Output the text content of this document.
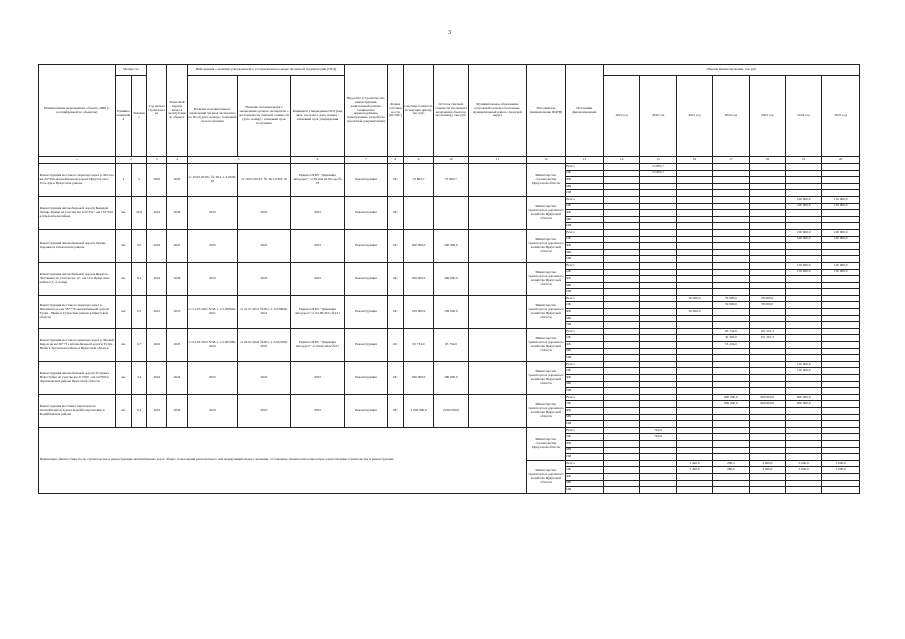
3
Наименование мероприятия, объекта, ПИР (с расшифровкой по объектам)	Мощность		Год начала строительства	Плановый период ввода в эксплуатацию объекта	Информация о наличии утвержденной в установленном порядке проектной документации (ПСД)			Вид работ (строительство, реконструкция, капитальный ремонт, техническое перевооружение, приобретение, разработка проектной документации)	Форма собственности (ОС/МС)	Сметная стоимость (в текущих ценах), тыс.руб.	Остаток сметной стоимости (на момент включения объекта в программу), тыс.руб.	Муниципальное образование (городской/сельское поселение, муниципальный район, городской округ)	Исполнитель (наименование ИОГВ)	Источники финансирования	Объемы финансирования, тыс.руб.						
	Единица измерения	Значение			Наличие положительного заключения органов экспертизы по ПСД (дата, номер) / плановый срок получения	Наличие положительного заключения органов экспертизы о достоверности сметной стоимости (дата, номер) / плановый срок получения	Реквизиты утверждения ПСД (вид акта, кто издал, дата, номер) / плановый срок утверждения								2019 год	2020 год	2021 год	2022 год	2023 год	2024 год	2025 год
1	2		3	4	5		6	7	8	9	10	11	12	13	14	15	16	17	18	19	20
Реконструкция мостового перехода через р. Мал на км 24+300 автомобильной дороги Иркутск-Оса-Усть-Уда в Иркутском районе	х	х	2020	2020	от 10.05.2018 г. № 38-1-1-3-0038-18	от 10.05.2018 г. № 38-1-0303-18	Приказ ОГКУ "Дирекция автодорог" от 30 мая 2018 года № 78	Реконструкция	ОС	53 803,7	53 803,7		Министерство строительства Иркутской области	Всего		55 803,7					
														ОБ		55 803,7					
														ФБ							
														МБ							
														ИИ							
Реконструкция автомобильной дороги Баяндай-Хужир-Хужир на участке км 124+332 - км 153+932 в Ольхонском районе	км	29,6	2024	2026	2023	2023	2023	Реконструкция	ОС				Министерство транспорта и дорожного хозяйства Иркутской области	Всего						100 000,0	150 000,0
														ОБ						100 000,0	150 000,0
														ФБ							
														МБ							
														ИИ							
Реконструкция автомобильной дороги Хужир - Харанцы в Ольхонском районе	км	5,0	2024	2025	2023	2023	2023	Реконструкция	ОС	200 000,0	200 000,0		Министерство транспорта и дорожного хозяйства Иркутской области	Всего						100 000,0	100 000,0
														ОБ						100 000,0	100 000,0
														ФБ							
														МБ							
														ИИ							
Реконструкция автомобильной дороги Иркутск - Листвянка на участке км 12 - км 19 в Иркутском районе (3, 4 этапы)	км	8,2	2024	2026	2023	2023	2023	Реконструкция	ОС	300 000,0	300 000,0		Министерство транспорта и дорожного хозяйства Иркутской области	Всего						150 000,0	150 000,0
														ОБ						150 000,0	150 000,0
														ФБ							
														МБ							
														ИИ							
Реконструкция мостового перехода через р. Ингашетка на км 58+776 автомобильной дороги Тулун - Нюйа в Тулунском районе в Иркутской области	км	0,5	2021	2023	от 21.07.2021 №38-1-1-3-039649-2021	от 21.07.2021 №38-1-1-3-039649-2021	Приказ ОГКУ "Дирекция автодорог" от 02.08.2021 №121	Реконструкция	ОС	109 000,0	109 000,0		Министерство транспорта и дорожного хозяйства Иркутской области	Всего			50 000,0	59 000,0	58 000,0		
														ОБ				59 000,0	58 000,0		
														ФБ			50 000,0				
														МБ							
														ИИ							
Реконструкция мостового перехода через р. Малый Кирон на км 30+731 автомобильной дороги Тулун - Нюйа в Тулунском районе в Иркутской области	км	0,7	2022	2023	от 02.02.2022 №38-1-1-3-005389-2022	от 02.02.2022 №38-1-1-3-005389-2022	Приказ ОГКУ "Дирекция автодорог" от 04.02.2022 №17	Реконструкция	ОС	95 734,0	95 734,0		Министерство транспорта и дорожного хозяйства Иркутской области	Всего				95 734,0	101 501,5		
														ОБ				42 300,0	101 501,5		
														ФБ				53 434,0			
														МБ							
														ИИ							
Реконструкция автомобильной дороги Голуметь - Новострбна на участке км 21+000 - км 24+000 в Черемховском районе Иркутской области	км	3,2	2024	2024	2023	2023	2023	Реконструкция	ОС	280 000,0	280 000,0		Министерство транспорта и дорожного хозяйства Иркутской области	Всего						150 000,0	
														ОБ						150 000,0	
														ФБ							
														МБ							
														ИИ							
Реконструкция мостовых переходов на автомобильной дороге Бодайбо-Кропоткин в Бодайбинском районе	км	0,4	2023	2024	2023	2023	2023	Реконструкция	ОС	2 000 000,0	2 000 000,0		Министерство транспорта и дорожного хозяйства Иркутской области	Всего				600 000,0	600 000,0	800 000,0	
														ОБ				600 000,0	600 000,0	800 000,0	
														ФБ							
														МБ							
														ИИ							
Примечание Диагностика после строительства и реконструкции автомобильных дорог общего пользования регионального или межмуниципального значения, составление технических планов при осуществлении строительства и реконструкции													Министерство строительства Иркутской области	Всего		762,6					
														ОБ		762,6					
														ФБ							
														МБ							
														ИИ							
													Министерство транспорта и дорожного хозяйства Иркутской области	Всего			3 420,0	280,5	3 000,0	3 000,0	3 000,0
														ОБ			3 420,0	280,0	3 000,0	3 000,0	3 000,0
														ФБ							
														МБ							
														ИИ							
